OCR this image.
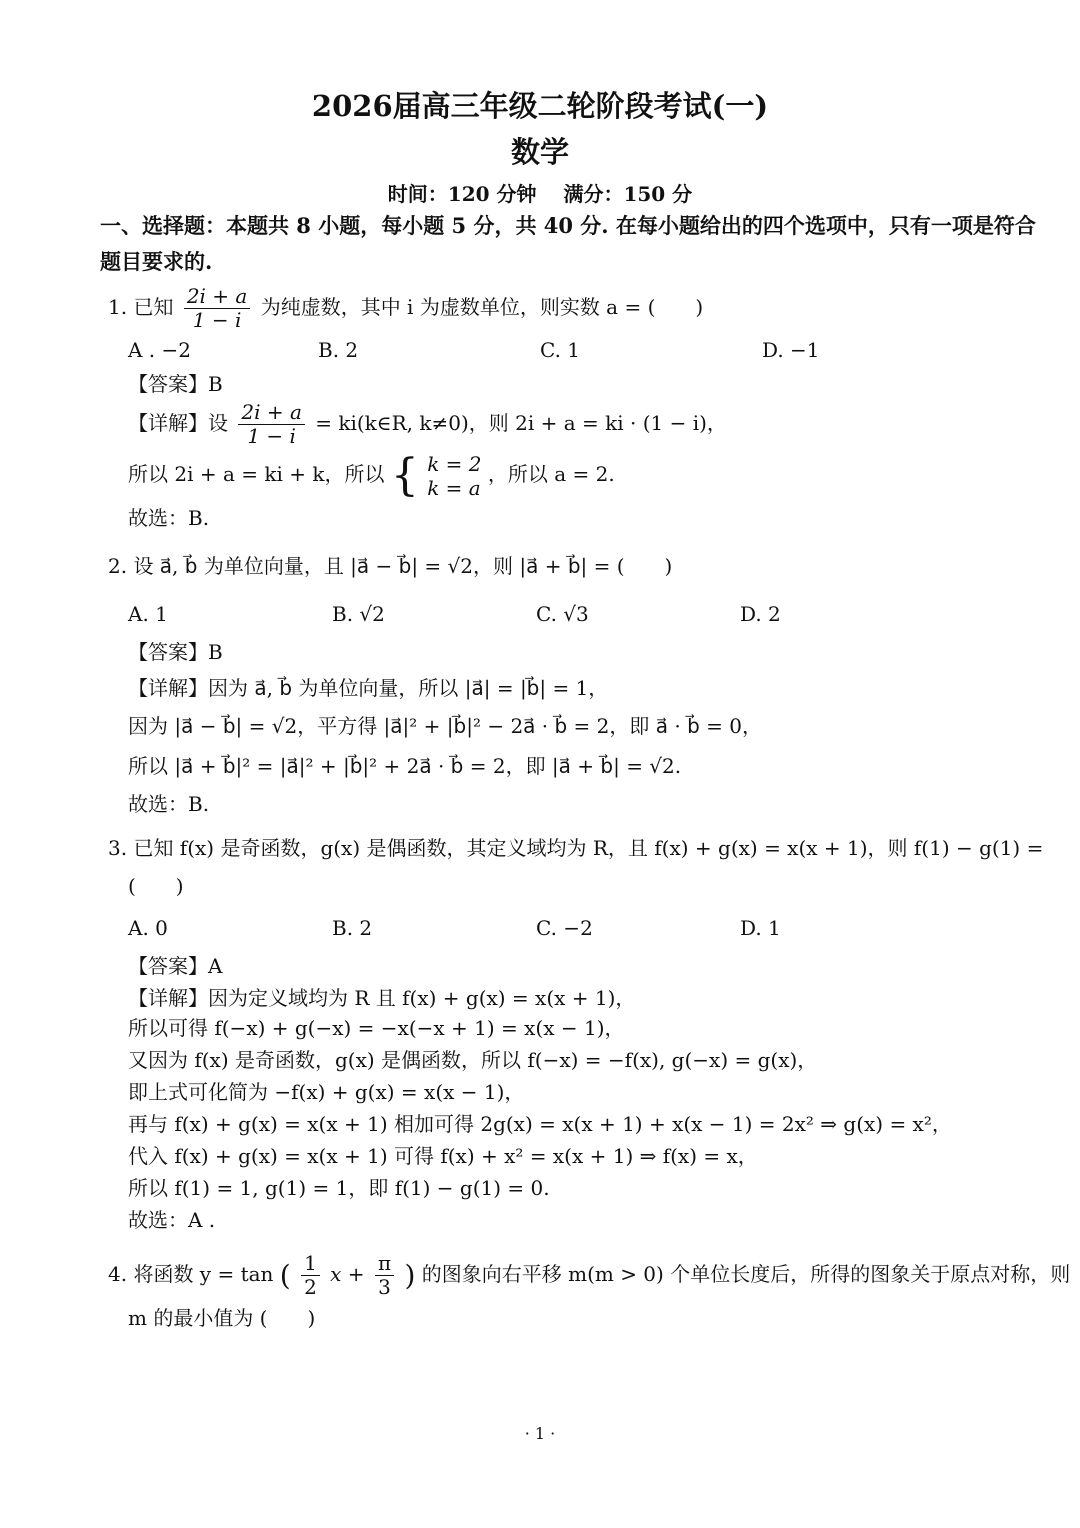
2026届高三年级二轮阶段考试(一)
数学
时间：120 分钟　 满分：150 分
一、选择题：本题共 8 小题，每小题 5 分，共 40 分. 在每小题给出的四个选项中，只有一项是符合
题目要求的.
1. 已知 $\frac{2i + a}{1 - i}$ 为纯虚数，其中 i 为虚数单位，则实数 a = (　　)
A . −2	B. 2	C. 1	D. −1
【答案】B
【详解】设 $\frac{2i + a}{1 - i}$ = ki(k∈R, k≠0)，则 2i + a = ki · (1 − i)，
所以 2i + a = ki + k，所以 { k = 2
k = a
，所以 a = 2.
故选：B.
2. 设 a⃗, b⃗ 为单位向量，且 |a⃗ − b⃗| = √2，则 |a⃗ + b⃗| = (　　)
A. 1	B. √2	C. √3	D. 2
【答案】B
【详解】因为 a⃗, b⃗ 为单位向量，所以 |a⃗| = |b⃗| = 1，
因为 |a⃗ − b⃗| = √2，平方得 |a⃗|² + |b⃗|² − 2a⃗ · b⃗ = 2，即 a⃗ · b⃗ = 0，
所以 |a⃗ + b⃗|² = |a⃗|² + |b⃗|² + 2a⃗ · b⃗ = 2，即 |a⃗ + b⃗| = √2.
故选：B.
3. 已知 f(x) 是奇函数，g(x) 是偶函数，其定义域均为 R，且 f(x) + g(x) = x(x + 1)，则 f(1) − g(1) =
(　　)
A. 0	B. 2	C. −2	D. 1
【答案】A
【详解】因为定义域均为 R 且 f(x) + g(x) = x(x + 1)，
所以可得 f(−x) + g(−x) = −x(−x + 1) = x(x − 1)，
又因为 f(x) 是奇函数，g(x) 是偶函数，所以 f(−x) = −f(x), g(−x) = g(x)，
即上式可化简为 −f(x) + g(x) = x(x − 1)，
再与 f(x) + g(x) = x(x + 1) 相加可得 2g(x) = x(x + 1) + x(x − 1) = 2x² ⇒ g(x) = x²，
代入 f(x) + g(x) = x(x + 1) 可得 f(x) + x² = x(x + 1) ⇒ f(x) = x，
所以 f(1) = 1, g(1) = 1，即 f(1) − g(1) = 0.
故选：A .
4. 将函数 y = tan ( $\frac{1}{2}$ $x + \frac{\pi}{3}$ ) 的图象向右平移 m(m > 0) 个单位长度后，所得的图象关于原点对称，则
m 的最小值为 (　　)
· 1 ·
